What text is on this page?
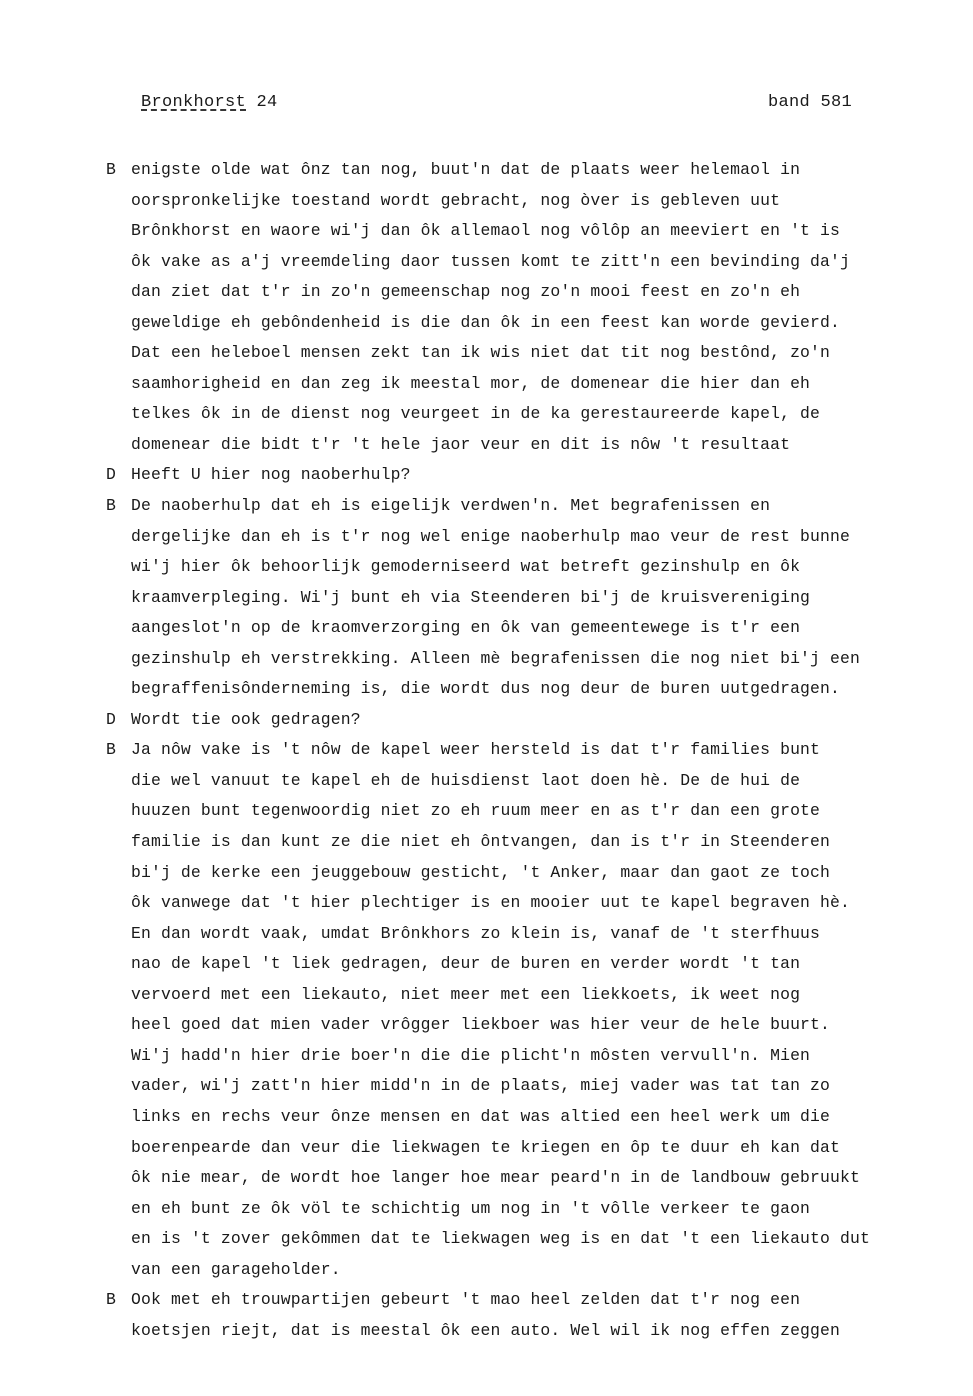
Bronkhorst 24	band 581
B enigste olde wat ônz tan nog, buut'n dat de plaats weer helemaol in
oorspronkelijke toestand wordt gebracht, nog òver is gebleven uut
Brônkhorst en waore wi'j dan ôk allemaol nog vôlôp an meeviert en 't is
ôk vake as a'j vreemdeling daor tussen komt te zitt'n een bevinding da'j
dan ziet dat t'r in zo'n gemeenschap nog zo'n mooi feest en zo'n eh
geweldige eh gebôndenheid is die dan ôk in een feest kan worde gevierd.
Dat een heleboel mensen zekt tan ik wis niet dat tit nog bestônd, zo'n
saamhorigheid en dan zeg ik meestal mor, de domenear die hier dan eh
telkes ôk in de dienst nog veurgeet in de ka gerestaureerde kapel, de
domenear die bidt t'r 't hele jaor veur en dit is nôw 't resultaat
D Heeft U hier nog naoberhulp?
B De naoberhulp dat eh is eigelijk verdwen'n. Met begrafenissen en
dergelijke dan eh is t'r nog wel enige naoberhulp mao veur de rest bunne
wi'j hier ôk behoorlijk gemoderniseerd wat betreft gezinshulp en ôk
kraamverpleging. Wi'j bunt eh via Steenderen bi'j de kruisvereniging
aangeslot'n op de kraomverzorging en ôk van gemeentewege is t'r een
gezinshulp eh verstrekking. Alleen mè begrafenissen die nog niet bi'j een
begraffenisônderneming is, die wordt dus nog deur de buren uutgedragen.
D Wordt tie ook gedragen?
B Ja nôw vake is 't nôw de kapel weer hersteld is dat t'r families bunt
die wel vanuut te kapel eh de huisdienst laot doen hè. De de hui de
huuzen bunt tegenwoordig niet zo eh ruum meer en as t'r dan een grote
familie is dan kunt ze die niet eh ôntvangen, dan is t'r in Steenderen
bi'j de kerke een jeuggebouw gesticht, 't Anker, maar dan gaot ze toch
ôk vanwege dat 't hier plechtiger is en mooier uut te kapel begraven hè.
En dan wordt vaak, umdat Brônkhors zo klein is, vanaf de 't sterfhuus
nao de kapel 't liek gedragen, deur de buren en verder wordt 't tan
vervoerd met een liekauto, niet meer met een liekkoets, ik weet nog
heel goed dat mien vader vrôgger liekboer was hier veur de hele buurt.
Wi'j hadd'n hier drie boer'n die die plicht'n môsten vervull'n. Mien
vader, wi'j zatt'n hier midd'n in de plaats, miej vader was tat tan zo
links en rechs veur ônze mensen en dat was altied een heel werk um die
boerenpearde dan veur die liekwagen te kriegen en ôp te duur eh kan dat
ôk nie mear, de wordt hoe langer hoe mear peard'n in de landbouw gebruukt
en eh bunt ze ôk völ te schichtig um nog in 't vôlle verkeer te gaon
en is 't zover gekômmen dat te liekwagen weg is en dat 't een liekauto dut
van een garageholder.
B Ook met eh trouwpartijen gebeurt 't mao heel zelden dat t'r nog een
koetsjen riejt, dat is meestal ôk een auto. Wel wil ik nog effen zeggen
